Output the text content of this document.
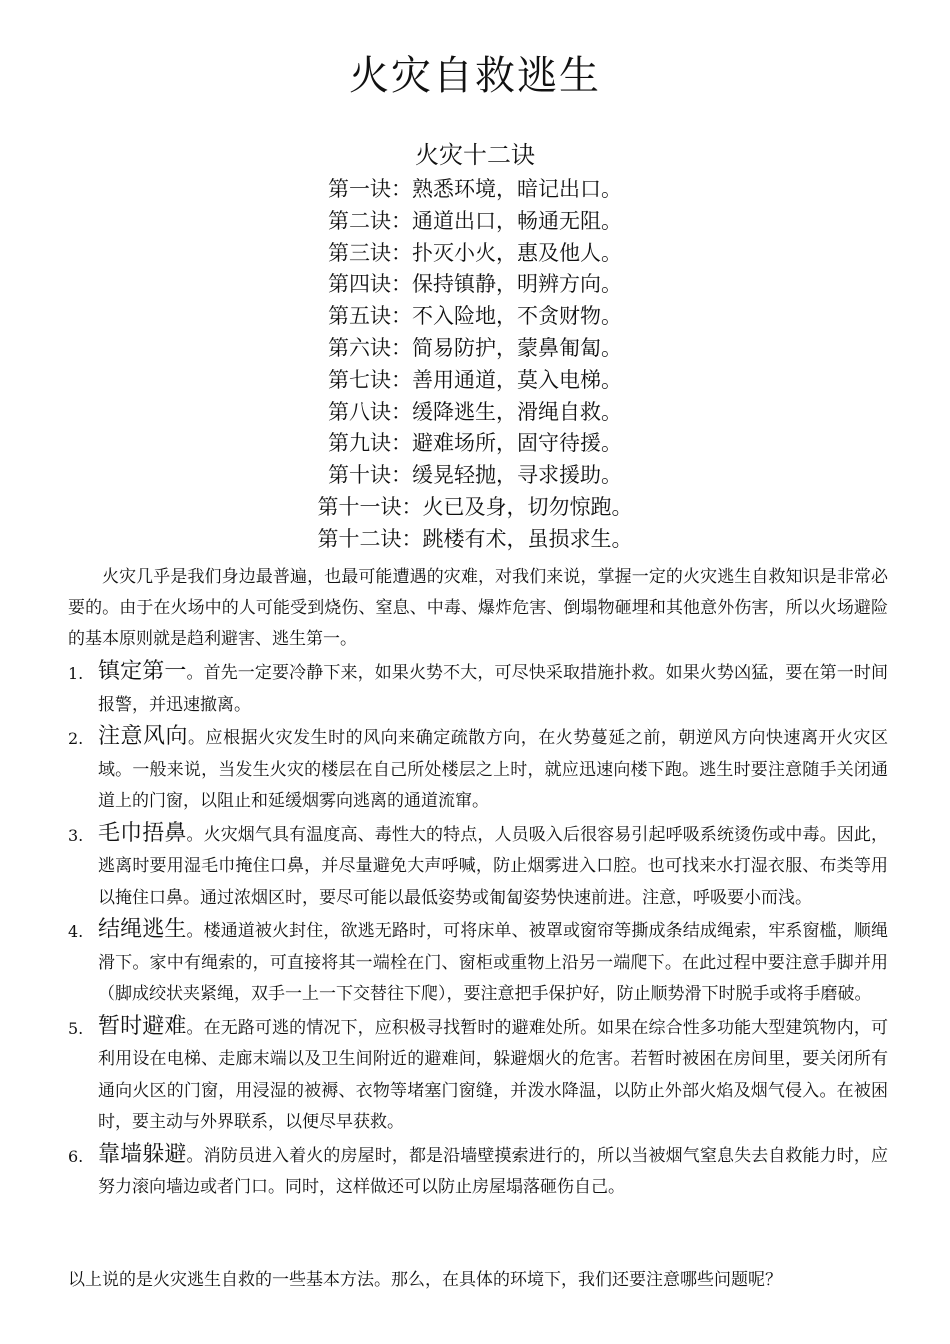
火灾自救逃生
火灾十二诀
第一诀：熟悉环境，暗记出口。
第二诀：通道出口，畅通无阻。
第三诀：扑灭小火，惠及他人。
第四诀：保持镇静，明辨方向。
第五诀：不入险地，不贪财物。
第六诀：简易防护，蒙鼻匍匐。
第七诀：善用通道，莫入电梯。
第八诀：缓降逃生，滑绳自救。
第九诀：避难场所，固守待援。
第十诀：缓晃轻抛，寻求援助。
第十一诀：火已及身，切勿惊跑。
第十二诀：跳楼有术，虽损求生。

火灾几乎是我们身边最普遍，也最可能遭遇的灾难，对我们来说，掌握一定的火灾逃生自救知识是非常必要的。由于在火场中的人可能受到烧伤、窒息、中毒、爆炸危害、倒塌物砸埋和其他意外伤害，所以火场避险的基本原则就是趋利避害、逃生第一。

1. 镇定第一。首先一定要冷静下来，如果火势不大，可尽快采取措施扑救。如果火势凶猛，要在第一时间报警，并迅速撤离。
2. 注意风向。应根据火灾发生时的风向来确定疏散方向，在火势蔓延之前，朝逆风方向快速离开火灾区域。一般来说，当发生火灾的楼层在自己所处楼层之上时，就应迅速向楼下跑。逃生时要注意随手关闭通道上的门窗，以阻止和延缓烟雾向逃离的通道流窜。
3. 毛巾捂鼻。火灾烟气具有温度高、毒性大的特点，人员吸入后很容易引起呼吸系统烫伤或中毒。因此，逃离时要用湿毛巾掩住口鼻，并尽量避免大声呼喊，防止烟雾进入口腔。也可找来水打湿衣服、布类等用以掩住口鼻。通过浓烟区时，要尽可能以最低姿势或匍匐姿势快速前进。注意，呼吸要小而浅。
4. 结绳逃生。楼通道被火封住，欲逃无路时，可将床单、被罩或窗帘等撕成条结成绳索，牢系窗槛，顺绳滑下。家中有绳索的，可直接将其一端栓在门、窗柜或重物上沿另一端爬下。在此过程中要注意手脚并用（脚成绞状夹紧绳，双手一上一下交替往下爬），要注意把手保护好，防止顺势滑下时脱手或将手磨破。
5. 暂时避难。在无路可逃的情况下，应积极寻找暂时的避难处所。如果在综合性多功能大型建筑物内，可利用设在电梯、走廊末端以及卫生间附近的避难间，躲避烟火的危害。若暂时被困在房间里，要关闭所有通向火区的门窗，用浸湿的被褥、衣物等堵塞门窗缝，并泼水降温，以防止外部火焰及烟气侵入。在被困时，要主动与外界联系，以便尽早获救。
6. 靠墙躲避。消防员进入着火的房屋时，都是沿墙壁摸索进行的，所以当被烟气窒息失去自救能力时，应努力滚向墙边或者门口。同时，这样做还可以防止房屋塌落砸伤自己。

以上说的是火灾逃生自救的一些基本方法。那么，在具体的环境下，我们还要注意哪些问题呢？
